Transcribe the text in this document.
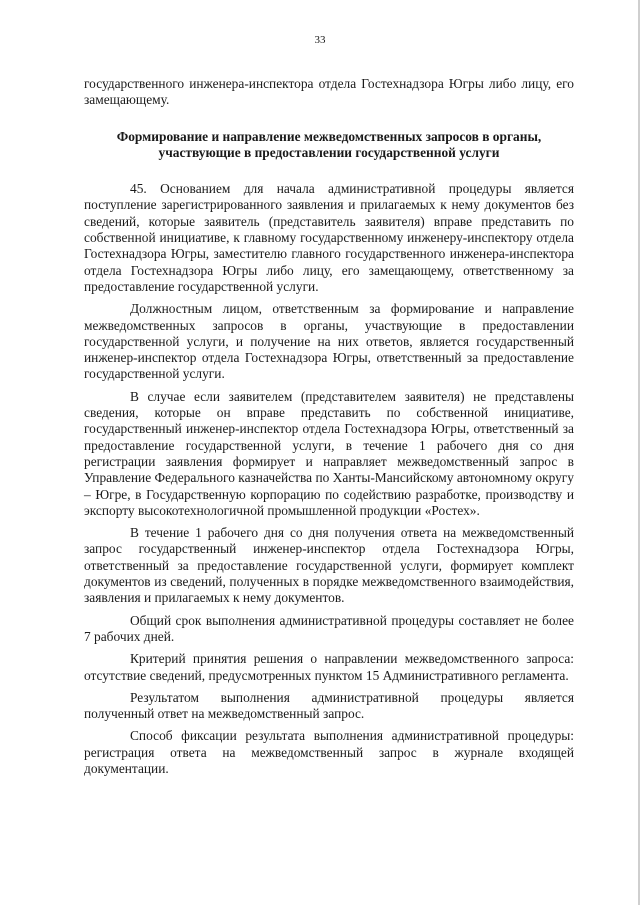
33

государственного инженера-инспектора отдела Гостехнадзора Югры либо лицу, его замещающему.

Формирование и направление межведомственных запросов в органы, участвующие в предоставлении государственной услуги

45. Основанием для начала административной процедуры является поступление зарегистрированного заявления и прилагаемых к нему документов без сведений, которые заявитель (представитель заявителя) вправе представить по собственной инициативе, к главному государственному инженеру-инспектору отдела Гостехнадзора Югры, заместителю главного государственного инженера-инспектора отдела Гостехнадзора Югры либо лицу, его замещающему, ответственному за предоставление государственной услуги.

Должностным лицом, ответственным за формирование и направление межведомственных запросов в органы, участвующие в предоставлении государственной услуги, и получение на них ответов, является государственный инженер-инспектор отдела Гостехнадзора Югры, ответственный за предоставление государственной услуги.

В случае если заявителем (представителем заявителя) не представлены сведения, которые он вправе представить по собственной инициативе, государственный инженер-инспектор отдела Гостехнадзора Югры, ответственный за предоставление государственной услуги, в течение 1 рабочего дня со дня регистрации заявления формирует и направляет межведомственный запрос в Управление Федерального казначейства по Ханты-Мансийскому автономному округу – Югре, в Государственную корпорацию по содействию разработке, производству и экспорту высокотехнологичной промышленной продукции «Ростех».

В течение 1 рабочего дня со дня получения ответа на межведомственный запрос государственный инженер-инспектор отдела Гостехнадзора Югры, ответственный за предоставление государственной услуги, формирует комплект документов из сведений, полученных в порядке межведомственного взаимодействия, заявления и прилагаемых к нему документов.

Общий срок выполнения административной процедуры составляет не более 7 рабочих дней.

Критерий принятия решения о направлении межведомственного запроса: отсутствие сведений, предусмотренных пунктом 15 Административного регламента.

Результатом выполнения административной процедуры является полученный ответ на межведомственный запрос.

Способ фиксации результата выполнения административной процедуры: регистрация ответа на межведомственный запрос в журнале входящей документации.
